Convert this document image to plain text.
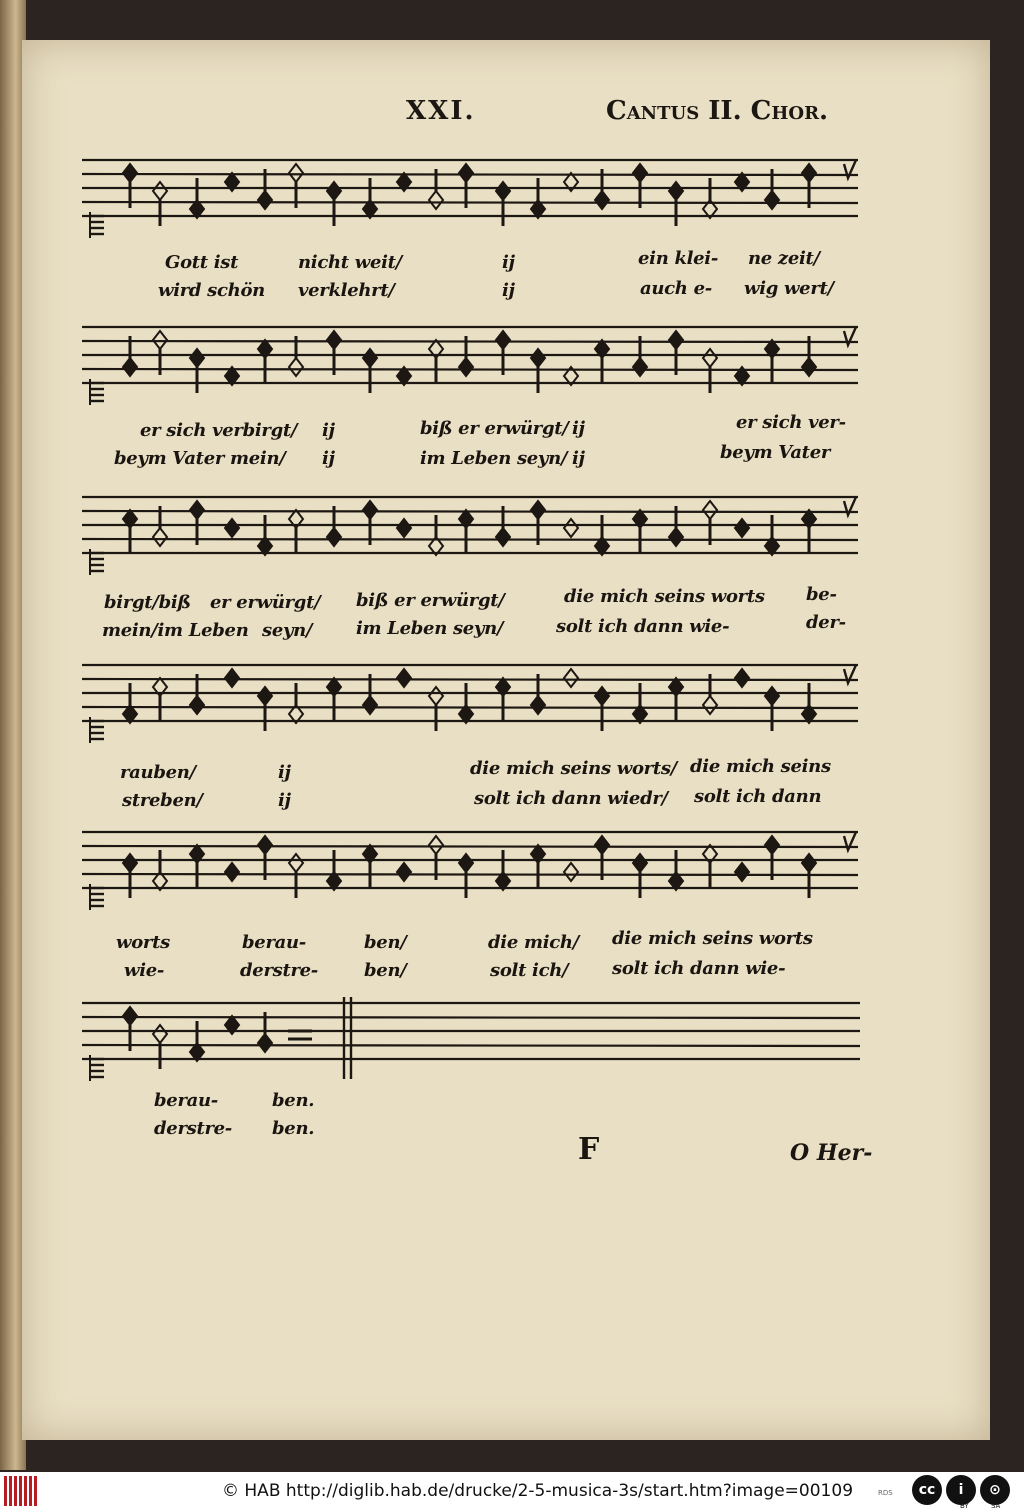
XXI.	Cantus II. Chor.
Gott ist	nicht weit/	ij	ein klei- ne zeit/
wird schön verklehrt/	ij	auch e- wig wert/
er sich verbirgt/ ij	biß er erwürgt/ ij	er sich ver-
beym Vater mein/ ij	im Leben seyn/ ij	beym Vater
birgt/biß er erwürgt/ biß er erwürgt/	die mich seins worts be-
mein/im Leben seyn/ im Leben seyn/	solt ich dann wie-	der-
rauben/	ij	die mich seins worts/ die mich seins
streben/	ij	solt ich dann wiedr/ solt ich dann
worts	berau-	ben/	die mich/ die mich seins worts
wie-	derstre-	ben/	solt ich/ solt ich dann wie-
berau-	ben.
derstre- ben.
F	O Her-
© HAB http://diglib.hab.de/drucke/2-5-musica-3s/start.htm?image=00109	RDS	cc	i	⊙
BY	SA
